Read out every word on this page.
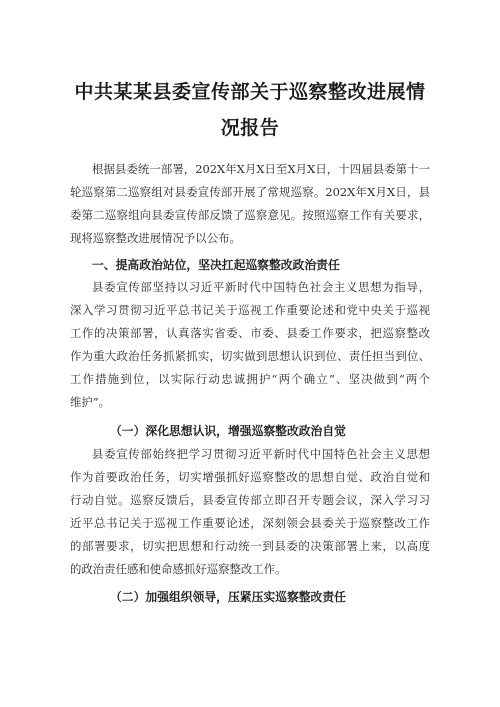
中共某某县委宣传部关于巡察整改进展情
况报告

根据县委统一部署，202X年X月X日至X月X日，十四届县委第十一

轮巡察第二巡察组对县委宣传部开展了常规巡察。202X年X月X日，县

委第二巡察组向县委宣传部反馈了巡察意见。按照巡察工作有关要求，

现将巡察整改进展情况予以公布。

一、提高政治站位，坚决扛起巡察整改政治责任

县委宣传部坚持以习近平新时代中国特色社会主义思想为指导，

深入学习贯彻习近平总书记关于巡视工作重要论述和党中央关于巡视

工作的决策部署，认真落实省委、市委、县委工作要求，把巡察整改

作为重大政治任务抓紧抓实，切实做到思想认识到位、责任担当到位、

工作措施到位，以实际行动忠诚拥护“两个确立”、坚决做到“两个

维护”。

（一）深化思想认识，增强巡察整改政治自觉

县委宣传部始终把学习贯彻习近平新时代中国特色社会主义思想

作为首要政治任务，切实增强抓好巡察整改的思想自觉、政治自觉和

行动自觉。巡察反馈后，县委宣传部立即召开专题会议，深入学习习

近平总书记关于巡视工作重要论述，深刻领会县委关于巡察整改工作

的部署要求，切实把思想和行动统一到县委的决策部署上来，以高度

的政治责任感和使命感抓好巡察整改工作。

（二）加强组织领导，压紧压实巡察整改责任
